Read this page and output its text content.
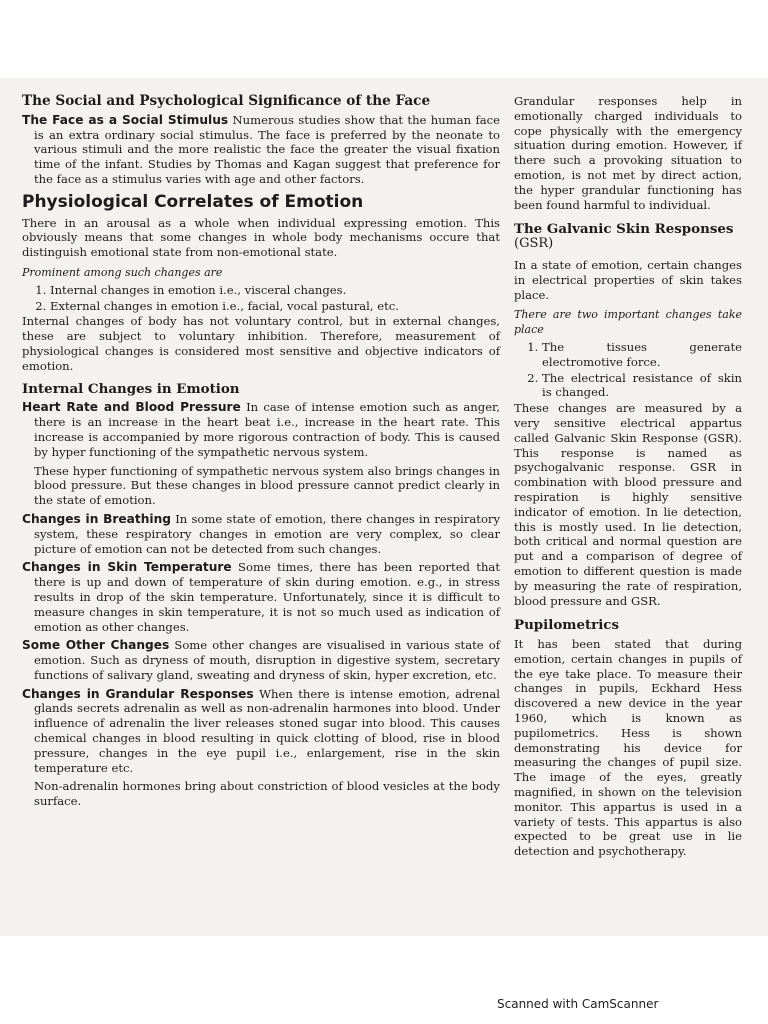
The Social and Psychological Significance of the Face

The Face as a Social Stimulus Numerous studies show that the human face is an extra ordinary social stimulus. The face is preferred by the neonate to various stimuli and the more realistic the face the greater the visual fixation time of the infant. Studies by Thomas and Kagan suggest that preference for the face as a stimulus varies with age and other factors.

Physiological Correlates of Emotion

There in an arousal as a whole when individual expressing emotion. This obviously means that some changes in whole body mechanisms occure that distinguish emotional state from non-emotional state.

Prominent among such changes are

1. Internal changes in emotion i.e., visceral changes.
2. External changes in emotion i.e., facial, vocal pastural, etc.

Internal changes of body has not voluntary control, but in external changes, these are subject to voluntary inhibition. Therefore, measurement of physiological changes is considered most sensitive and objective indicators of emotion.

Internal Changes in Emotion

Heart Rate and Blood Pressure In case of intense emotion such as anger, there is an increase in the heart beat i.e., increase in the heart rate. This increase is accompanied by more rigorous contraction of body. This is caused by hyper functioning of the sympathetic nervous system.

These hyper functioning of sympathetic nervous system also brings changes in blood pressure. But these changes in blood pressure cannot predict clearly in the state of emotion.

Changes in Breathing In some state of emotion, there changes in respiratory system, these respiratory changes in emotion are very complex, so clear picture of emotion can not be detected from such changes.

Changes in Skin Temperature Some times, there has been reported that there is up and down of temperature of skin during emotion. e.g., in stress results in drop of the skin temperature. Unfortunately, since it is difficult to measure changes in skin temperature, it is not so much used as indication of emotion as other changes.

Some Other Changes Some other changes are visualised in various state of emotion. Such as dryness of mouth, disruption in digestive system, secretary functions of salivary gland, sweating and dryness of skin, hyper excretion, etc.

Changes in Grandular Responses When there is intense emotion, adrenal glands secrets adrenalin as well as non-adrenalin harmones into blood. Under influence of adrenalin the liver releases stoned sugar into blood. This causes chemical changes in blood resulting in quick clotting of blood, rise in blood pressure, changes in the eye pupil i.e., enlargement, rise in the skin temperature etc.

Non-adrenalin hormones bring about constriction of blood vesicles at the body surface.

Grandular responses help in emotionally charged individuals to cope physically with the emergency situation during emotion. However, if there such a provoking situation to emotion, is not met by direct action, the hyper grandular functioning has been found harmful to individual.

The Galvanic Skin Responses
(GSR)

In a state of emotion, certain changes in electrical properties of skin takes place.

There are two important changes take place

1. The tissues generate electromotive force.
2. The electrical resistance of skin is changed.

These changes are measured by a very sensitive electrical appartus called Galvanic Skin Response (GSR). This response is named as psychogalvanic response. GSR in combination with blood pressure and respiration is highly sensitive indicator of emotion. In lie detection, this is mostly used. In lie detection, both critical and normal question are put and a comparison of degree of emotion to different question is made by measuring the rate of respiration, blood pressure and GSR.

Pupilometrics

It has been stated that during emotion, certain changes in pupils of the eye take place. To measure their changes in pupils, Eckhard Hess discovered a new device in the year 1960, which is known as pupilometrics. Hess is shown demonstrating his device for measuring the changes of pupil size. The image of the eyes, greatly magnified, in shown on the television monitor. This appartus is used in a variety of tests. This appartus is also expected to be great use in lie detection and psychotherapy.

Scanned with CamScanner
